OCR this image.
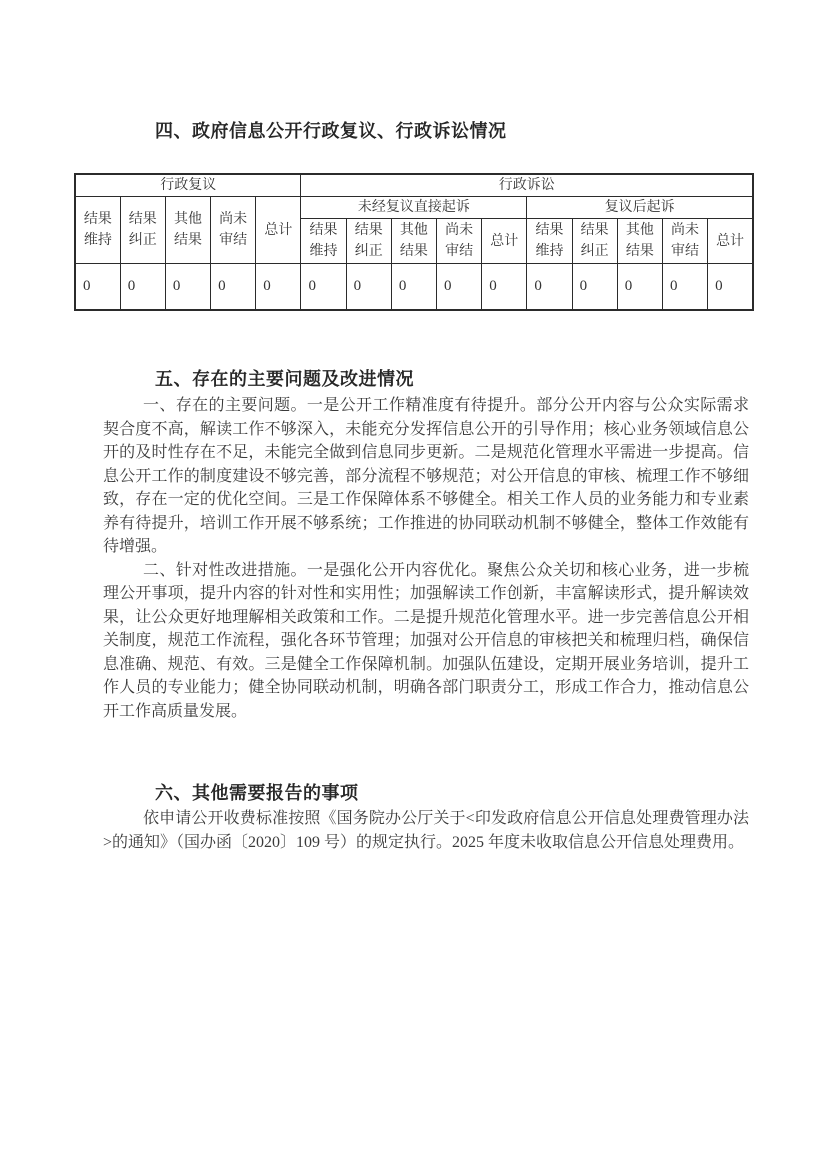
四、政府信息公开行政复议、行政诉讼情况
行政复议					行政诉讼									
结果维持	结果纠正	其他结果	尚未审结	总计	未经复议直接起诉					复议后起诉				
					结果维持	结果纠正	其他结果	尚未审结	总计	结果维持	结果纠正	其他结果	尚未审结	总计
0	0	0	0	0	0	0	0	0	0	0	0	0	0	0
五、存在的主要问题及改进情况

一、存在的主要问题。一是公开工作精准度有待提升。部分公开内容与公众实际需求契合度不高，解读工作不够深入，未能充分发挥信息公开的引导作用；核心业务领域信息公开的及时性存在不足，未能完全做到信息同步更新。二是规范化管理水平需进一步提高。信息公开工作的制度建设不够完善，部分流程不够规范；对公开信息的审核、梳理工作不够细致，存在一定的优化空间。三是工作保障体系不够健全。相关工作人员的业务能力和专业素养有待提升，培训工作开展不够系统；工作推进的协同联动机制不够健全，整体工作效能有待增强。

二、针对性改进措施。一是强化公开内容优化。聚焦公众关切和核心业务，进一步梳理公开事项，提升内容的针对性和实用性；加强解读工作创新，丰富解读形式，提升解读效果，让公众更好地理解相关政策和工作。二是提升规范化管理水平。进一步完善信息公开相关制度，规范工作流程，强化各环节管理；加强对公开信息的审核把关和梳理归档，确保信息准确、规范、有效。三是健全工作保障机制。加强队伍建设，定期开展业务培训，提升工作人员的专业能力；健全协同联动机制，明确各部门职责分工，形成工作合力，推动信息公开工作高质量发展。

六、其他需要报告的事项

依申请公开收费标准按照《国务院办公厅关于<印发政府信息公开信息处理费管理办法>的通知》（国办函〔2020〕109 号）的规定执行。2025 年度未收取信息公开信息处理费用。
